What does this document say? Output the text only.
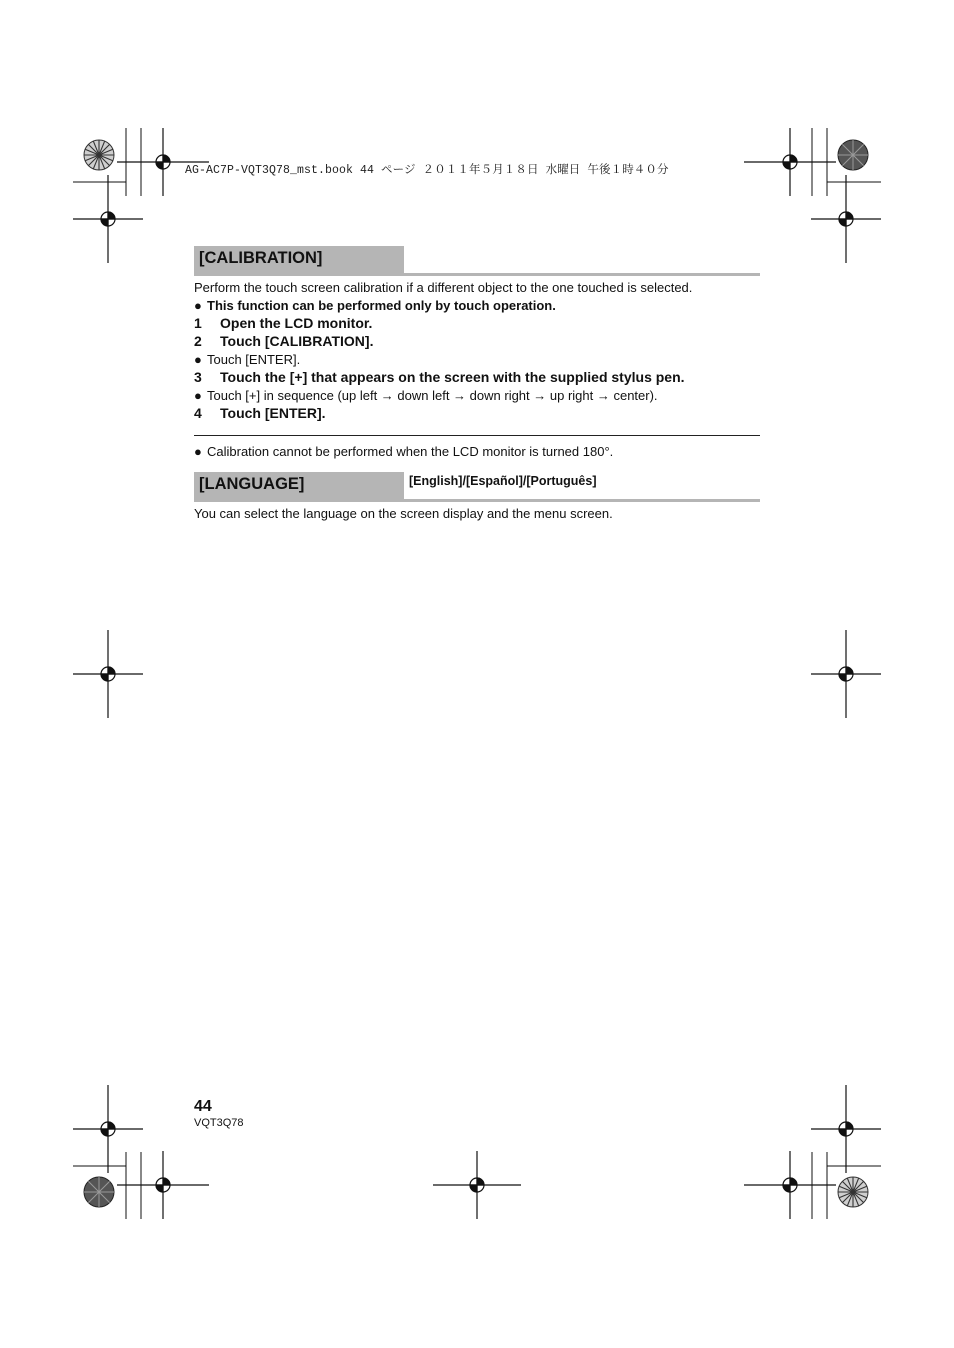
AG-AC7P-VQT3Q78_mst.book 44 ページ ２０１１年５月１８日 水曜日 午後１時４０分
[CALIBRATION]
Perform the touch screen calibration if a different object to the one touched is selected.
● This function can be performed only by touch operation.
1 Open the LCD monitor.
2 Touch [CALIBRATION].
● Touch [ENTER].
3 Touch the [+] that appears on the screen with the supplied stylus pen.
● Touch [+] in sequence (up left → down left → down right → up right → center).
4 Touch [ENTER].
● Calibration cannot be performed when the LCD monitor is turned 180°.
[LANGUAGE]	[English]/[Español]/[Português]
You can select the language on the screen display and the menu screen.
44
VQT3Q78
